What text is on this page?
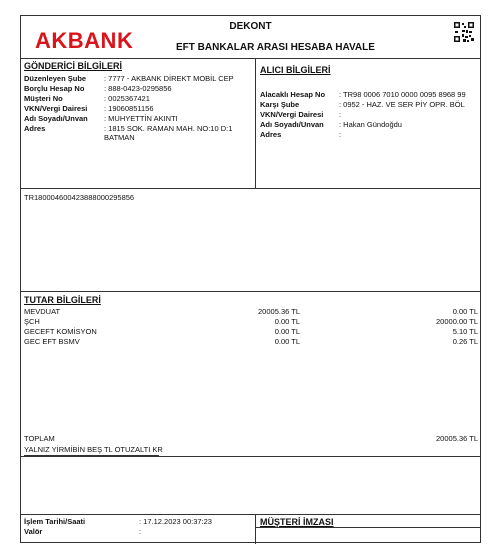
AKBANK
DEKONT
EFT BANKALAR ARASI HESABA HAVALE
GÖNDERİCİ BİLGİLERİ
Düzenleyen Şube : 7777 - AKBANK DİREKT MOBİL CEP
Borçlu Hesap No	: 888-0423-0295856
Müşteri No	: 0025367421
VKN/Vergi Dairesi : 19060851156
Adı Soyadı/Unvan : MUHYETTİN AKINTI
Adres	: 1815 SOK. RAMAN MAH. NO:10 D:1 BATMAN
ALICI BİLGİLERİ
Alacaklı Hesap No : TR98 0006 7010 0000 0095 8968 99
Karşı Şube	: 0952 - HAZ. VE SER PİY OPR. BÖL
VKN/Vergi Dairesi :
Adı Soyadı/Unvan : Hakan Gündoğdu
Adres	:
TR180004600423888000295856
TUTAR BİLGİLERİ
MEVDUAT	20005.36 TL	0.00 TL
ŞCH	0.00 TL	20000.00 TL
GECEFT KOMİSYON	0.00 TL	5.10 TL
GEC EFT BSMV	0.00 TL	0.26 TL
TOPLAM	20005.36 TL
YALNIZ YİRMİBİN BEŞ TL OTUZALTI KR
İşlem Tarihi/Saati	: 17.12.2023 00:37:23
Valör	:
MÜŞTERİ İMZASI
